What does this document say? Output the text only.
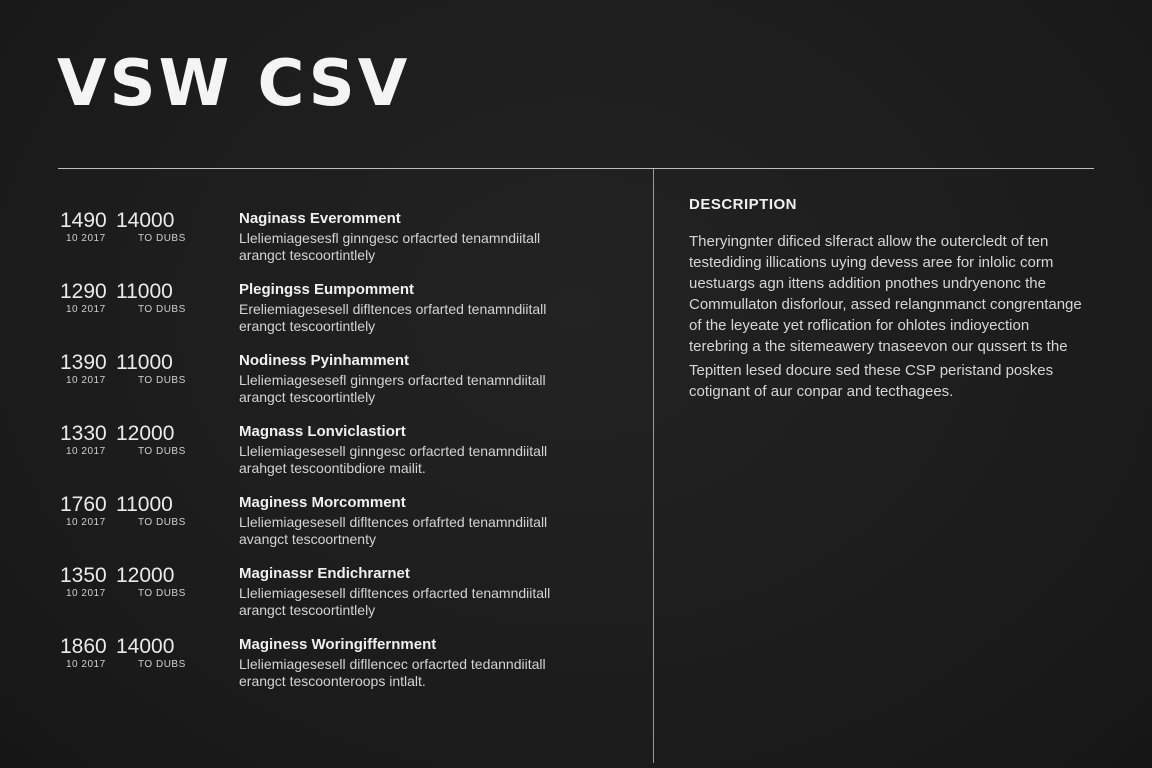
VSW CSV
1490 14000
10 2017	TO DUBS
Naginass Everomment
Lleliemiagesesfl ginngesc orfacrted tenamndiitall
arangct tescoortintlely
1290 11000
10 2017	TO DUBS
Plegingss Eumpomment
Ereliemiagesesell difltences orfarted tenamndiitall
erangct tescoortintlely
1390 11000
10 2017	TO DUBS
Nodiness Pyinhamment
Lleliemiagesesefl ginngers orfacrted tenamndiitall
arangct tescoortintlely
1330 12000
10 2017	TO DUBS
Magnass Lonviclastiort
Lleliemiagesesell ginngesc orfacrted tenamndiitall
arahget tescoontibdiore mailit.
1760 11000
10 2017	TO DUBS
Maginess Morcomment
Lleliemiagesesell difltences orfafrted tenamndiitall
avangct tescoortnenty
1350 12000
10 2017	TO DUBS
Maginassr Endichrarnet
Lleliemiagesesell difltences orfacrted tenamndiitall
arangct tescoortintlely
1860 14000
10 2017	TO DUBS
Maginess Woringiffernment
Lleliemiagesesell difllencec orfacrted tedanndiitall
erangct tescoonteroops intlalt.
DESCRIPTION

Theryingnter dificed slferact allow the outercledt of ten

testediding illications uying devess aree for inlolic corm

uestuargs agn ittens addition pnothes undryenonc the

Commullaton disforlour, assed relangnmanct congrentange

of the leyeate yet roflication for ohlotes indioyection

terebring a the sitemeawery tnaseevon our qussert ts the

Tepitten lesed docure sed these CSP peristand poskes

cotignant of aur conpar and tecthagees.
